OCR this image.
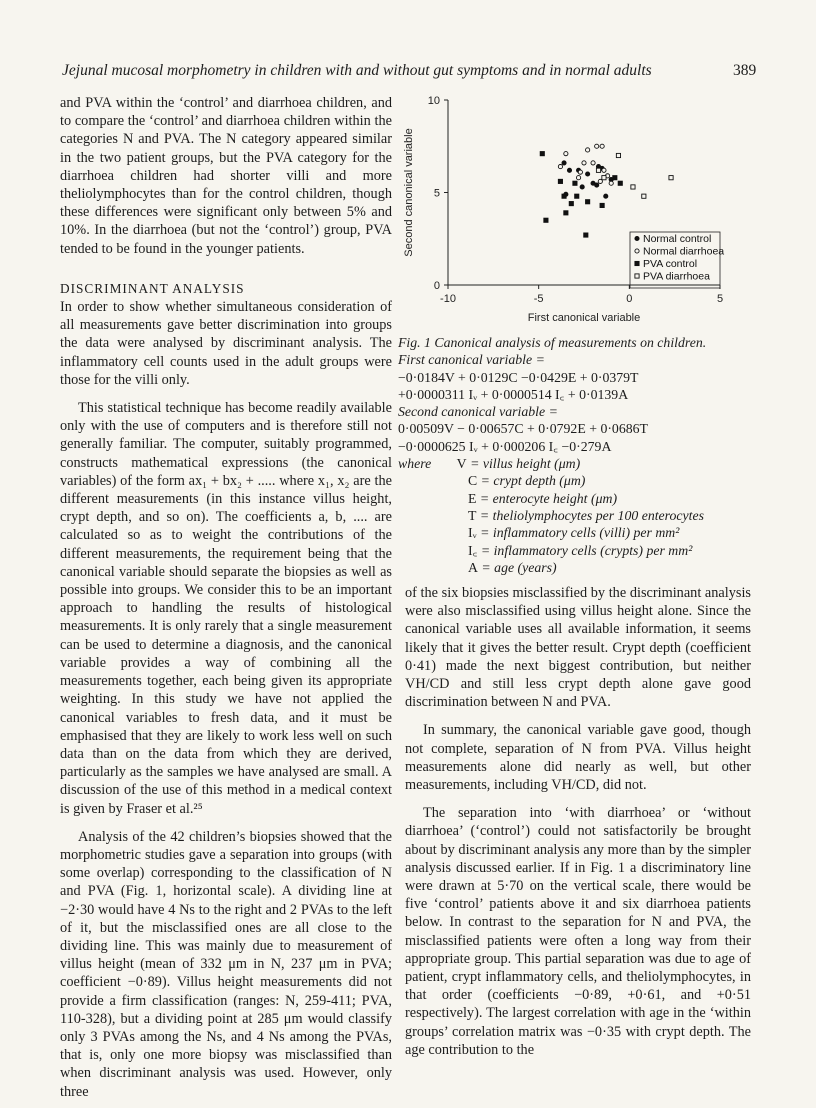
Jejunal mucosal morphometry in children with and without gut symptoms and in normal adults	389

and PVA within the ‘control’ and diarrhoea children, and to compare the ‘control’ and diarrhoea children within the categories N and PVA. The N category appeared similar in the two patient groups, but the PVA category for the diarrhoea children had shorter villi and more theliolymphocytes than for the control children, though these differences were significant only between 5% and 10%. In the diarrhoea (but not the ‘control’) group, PVA tended to be found in the younger patients.

DISCRIMINANT ANALYSIS

In order to show whether simultaneous consideration of all measurements gave better discrimination into groups the data were analysed by discriminant analysis. The inflammatory cell counts used in the adult groups were those for the villi only.

This statistical technique has become readily available only with the use of computers and is therefore still not generally familiar. The computer, suitably programmed, constructs mathematical expressions (the canonical variables) of the form ax₁ + bx₂ + ..... where x₁, x₂ are the different measurements (in this instance villus height, crypt depth, and so on). The coefficients a, b, .... are calculated so as to weight the contributions of the different measurements, the requirement being that the canonical variable should separate the biopsies as well as possible into groups. We consider this to be an important approach to handling the results of histological measurements. It is only rarely that a single measurement can be used to determine a diagnosis, and the canonical variable provides a way of combining all the measurements together, each being given its appropriate weighting. In this study we have not applied the canonical variables to fresh data, and it must be emphasised that they are likely to work less well on such data than on the data from which they are derived, particularly as the samples we have analysed are small. A discussion of the use of this method in a medical context is given by Fraser et al.²⁵

Analysis of the 42 children’s biopsies showed that the morphometric studies gave a separation into groups (with some overlap) corresponding to the classification of N and PVA (Fig. 1, horizontal scale). A dividing line at −2·30 would have 4 Ns to the right and 2 PVAs to the left of it, but the misclassified ones are all close to the dividing line. This was mainly due to measurement of villus height (mean of 332 μm in N, 237 μm in PVA; coefficient −0·89). Villus height measurements did not provide a firm classification (ranges: N, 259-411; PVA, 110-328), but a dividing point at 285 μm would classify only 3 PVAs among the Ns, and 4 Ns among the PVAs, that is, only one more biopsy was misclassified than when discriminant analysis was used. However, only three

-10	-5	0	5
0
5
10
First canonical variable
Second canonical variable	Normal control
Normal diarrhoea
PVA control
PVA diarrhoea
Fig. 1 Canonical analysis of measurements on children.
First canonical variable =
−0·0184V + 0·0129C −0·0429E + 0·0379T
+0·0000311 Iᵥ + 0·0000514 I꜀ + 0·0139A
Second canonical variable =
0·00509V − 0·00657C + 0·0792E + 0·0686T
−0·0000625 Iᵥ + 0·000206 I꜀ −0·279A
where V = villus height (μm)
C = crypt depth (μm)
E = enterocyte height (μm)
T = theliolymphocytes per 100 enterocytes
Iᵥ = inflammatory cells (villi) per mm²
I꜀ = inflammatory cells (crypts) per mm²
A = age (years)

of the six biopsies misclassified by the discriminant analysis were also misclassified using villus height alone. Since the canonical variable uses all available information, it seems likely that it gives the better result. Crypt depth (coefficient 0·41) made the next biggest contribution, but neither VH/CD and still less crypt depth alone gave good discrimination between N and PVA.

In summary, the canonical variable gave good, though not complete, separation of N from PVA. Villus height measurements alone did nearly as well, but other measurements, including VH/CD, did not.

The separation into ‘with diarrhoea’ or ‘without diarrhoea’ (‘control’) could not satisfactorily be brought about by discriminant analysis any more than by the simpler analysis discussed earlier. If in Fig. 1 a discriminatory line were drawn at 5·70 on the vertical scale, there would be five ‘control’ patients above it and six diarrhoea patients below. In contrast to the separation for N and PVA, the misclassified patients were often a long way from their appropriate group. This partial separation was due to age of patient, crypt inflammatory cells, and theliolymphocytes, in that order (coefficients −0·89, +0·61, and +0·51 respectively). The largest correlation with age in the ‘within groups’ correlation matrix was −0·35 with crypt depth. The age contribution to the
